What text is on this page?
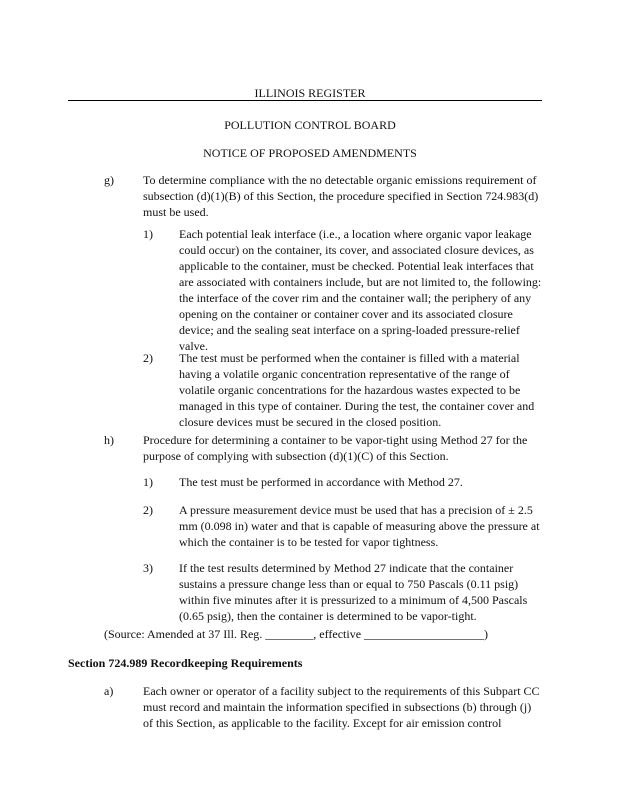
ILLINOIS REGISTER
POLLUTION CONTROL BOARD
NOTICE OF PROPOSED AMENDMENTS
g) To determine compliance with the no detectable organic emissions requirement of subsection (d)(1)(B) of this Section, the procedure specified in Section 724.983(d) must be used.
1) Each potential leak interface (i.e., a location where organic vapor leakage could occur) on the container, its cover, and associated closure devices, as applicable to the container, must be checked. Potential leak interfaces that are associated with containers include, but are not limited to, the following: the interface of the cover rim and the container wall; the periphery of any opening on the container or container cover and its associated closure device; and the sealing seat interface on a spring-loaded pressure-relief valve.
2) The test must be performed when the container is filled with a material having a volatile organic concentration representative of the range of volatile organic concentrations for the hazardous wastes expected to be managed in this type of container. During the test, the container cover and closure devices must be secured in the closed position.
h) Procedure for determining a container to be vapor-tight using Method 27 for the purpose of complying with subsection (d)(1)(C) of this Section.
1) The test must be performed in accordance with Method 27.
2) A pressure measurement device must be used that has a precision of ± 2.5 mm (0.098 in) water and that is capable of measuring above the pressure at which the container is to be tested for vapor tightness.
3) If the test results determined by Method 27 indicate that the container sustains a pressure change less than or equal to 750 Pascals (0.11 psig) within five minutes after it is pressurized to a minimum of 4,500 Pascals (0.65 psig), then the container is determined to be vapor-tight.
(Source: Amended at 37 Ill. Reg. ________, effective ____________________)
Section 724.989 Recordkeeping Requirements
a) Each owner or operator of a facility subject to the requirements of this Subpart CC must record and maintain the information specified in subsections (b) through (j) of this Section, as applicable to the facility. Except for air emission control
